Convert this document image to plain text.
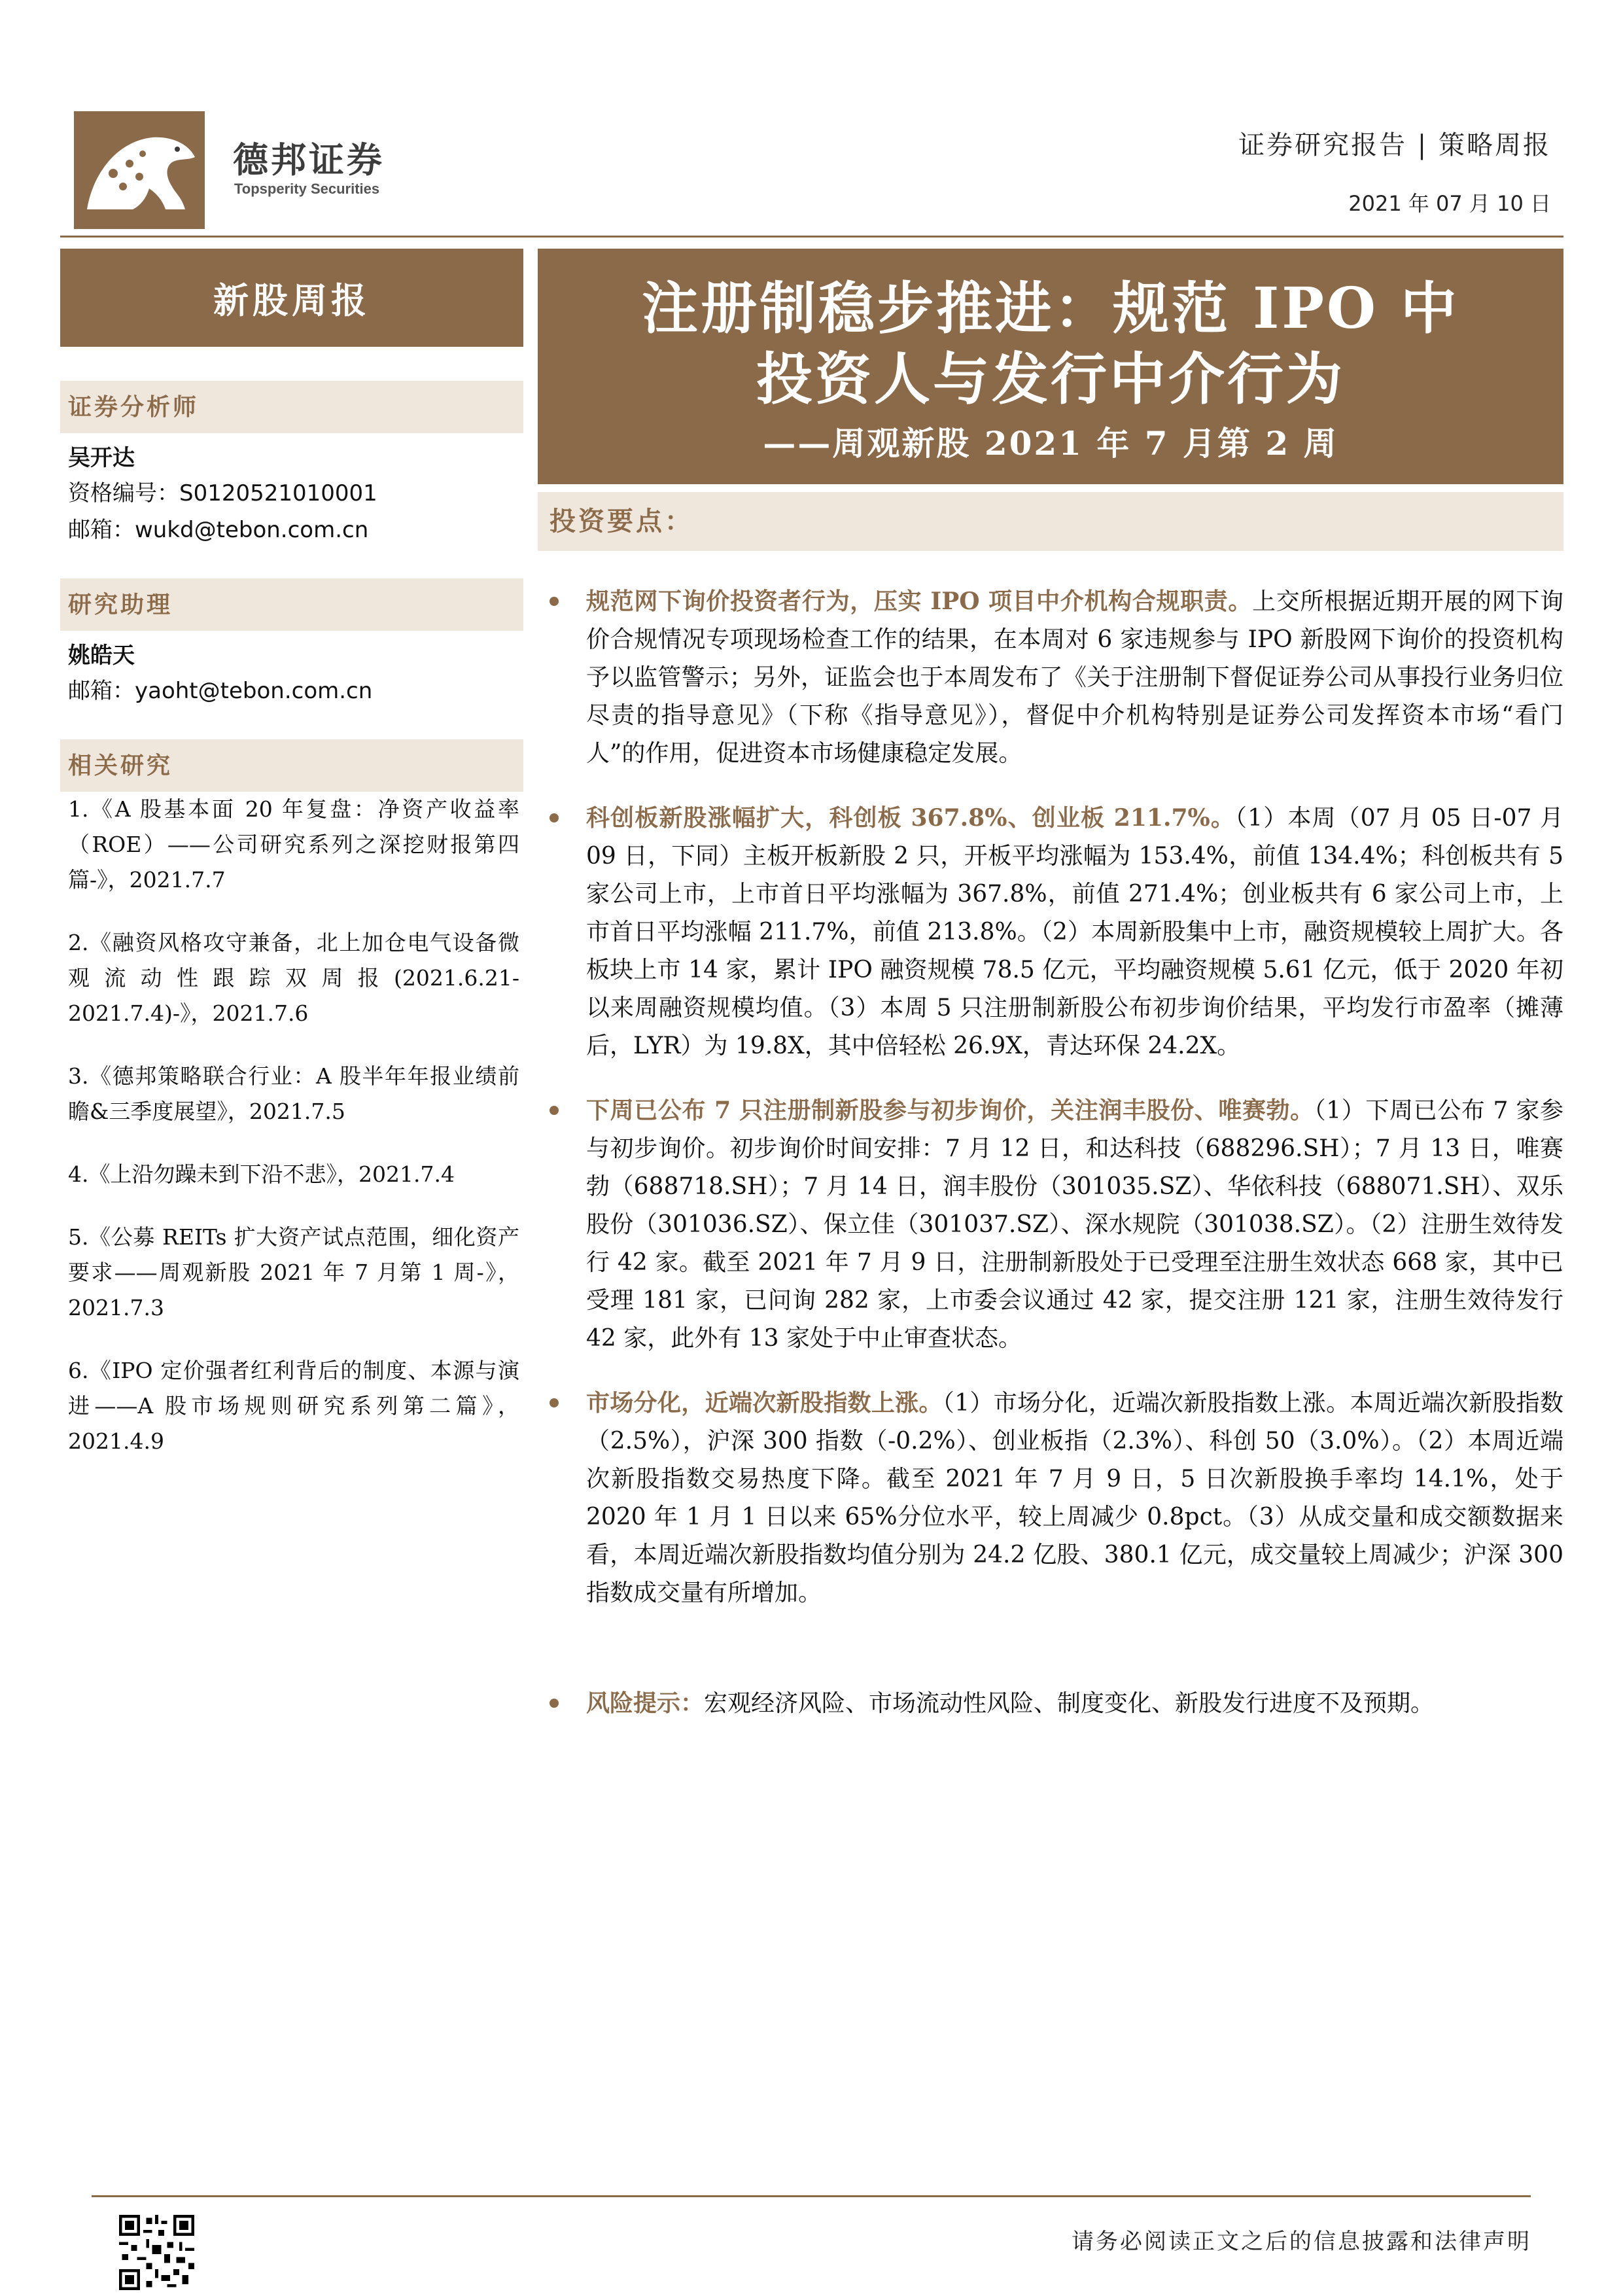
德邦证券
Topsperity Securities
证券研究报告 | 策略周报
2021 年 07 月 10 日
新股周报
证券分析师
吴开达
资格编号：S0120521010001
邮箱：wukd@tebon.com.cn
研究助理
姚皓天
邮箱：yaoht@tebon.com.cn
相关研究
1.《A 股基本面 20 年复盘：净资产收益率（ROE）——公司研究系列之深挖财报第四篇-》，2021.7.7
2.《融资风格攻守兼备，北上加仓电气设备微观流动性跟踪双周报(2021.6.21-2021.7.4)-》，2021.7.6
3.《德邦策略联合行业：A 股半年年报业绩前瞻&三季度展望》，2021.7.5
4.《上沿勿躁未到下沿不悲》，2021.7.4
5.《公募 REITs 扩大资产试点范围，细化资产要求——周观新股 2021 年 7 月第 1 周-》，2021.7.3
6.《IPO 定价强者红利背后的制度、本源与演进——A 股市场规则研究系列第二篇》，2021.4.9
注册制稳步推进：规范 IPO 中
投资人与发行中介行为
——周观新股 2021 年 7 月第 2 周
投资要点：
规范网下询价投资者行为，压实 IPO 项目中介机构合规职责。上交所根据近期开展的网下询价合规情况专项现场检查工作的结果，在本周对 6 家违规参与 IPO 新股网下询价的投资机构予以监管警示；另外，证监会也于本周发布了《关于注册制下督促证券公司从事投行业务归位尽责的指导意见》（下称《指导意见》），督促中介机构特别是证券公司发挥资本市场“看门人”的作用，促进资本市场健康稳定发展。
科创板新股涨幅扩大，科创板 367.8%、创业板 211.7%。（1）本周（07 月 05 日-07 月 09 日，下同）主板开板新股 2 只，开板平均涨幅为 153.4%，前值 134.4%；科创板共有 5 家公司上市，上市首日平均涨幅为 367.8%，前值 271.4%；创业板共有 6 家公司上市，上市首日平均涨幅 211.7%，前值 213.8%。（2）本周新股集中上市，融资规模较上周扩大。各板块上市 14 家，累计 IPO 融资规模 78.5 亿元，平均融资规模 5.61 亿元，低于 2020 年初以来周融资规模均值。（3）本周 5 只注册制新股公布初步询价结果，平均发行市盈率（摊薄后，LYR）为 19.8X，其中倍轻松 26.9X，青达环保 24.2X。
下周已公布 7 只注册制新股参与初步询价，关注润丰股份、唯赛勃。（1）下周已公布 7 家参与初步询价。初步询价时间安排：7 月 12 日，和达科技（688296.SH）；7 月 13 日，唯赛勃（688718.SH）；7 月 14 日，润丰股份（301035.SZ）、华依科技（688071.SH）、双乐股份（301036.SZ）、保立佳（301037.SZ）、深水规院（301038.SZ）。（2）注册生效待发行 42 家。截至 2021 年 7 月 9 日，注册制新股处于已受理至注册生效状态 668 家，其中已受理 181 家，已问询 282 家，上市委会议通过 42 家，提交注册 121 家，注册生效待发行 42 家，此外有 13 家处于中止审查状态。
市场分化，近端次新股指数上涨。（1）市场分化，近端次新股指数上涨。本周近端次新股指数（2.5%），沪深 300 指数（-0.2%）、创业板指（2.3%）、科创 50（3.0%）。（2）本周近端次新股指数交易热度下降。截至 2021 年 7 月 9 日，5 日次新股换手率均 14.1%，处于 2020 年 1 月 1 日以来 65%分位水平，较上周减少 0.8pct。（3）从成交量和成交额数据来看，本周近端次新股指数均值分别为 24.2 亿股、380.1 亿元，成交量较上周减少；沪深 300 指数成交量有所增加。
风险提示：宏观经济风险、市场流动性风险、制度变化、新股发行进度不及预期。
请务必阅读正文之后的信息披露和法律声明
